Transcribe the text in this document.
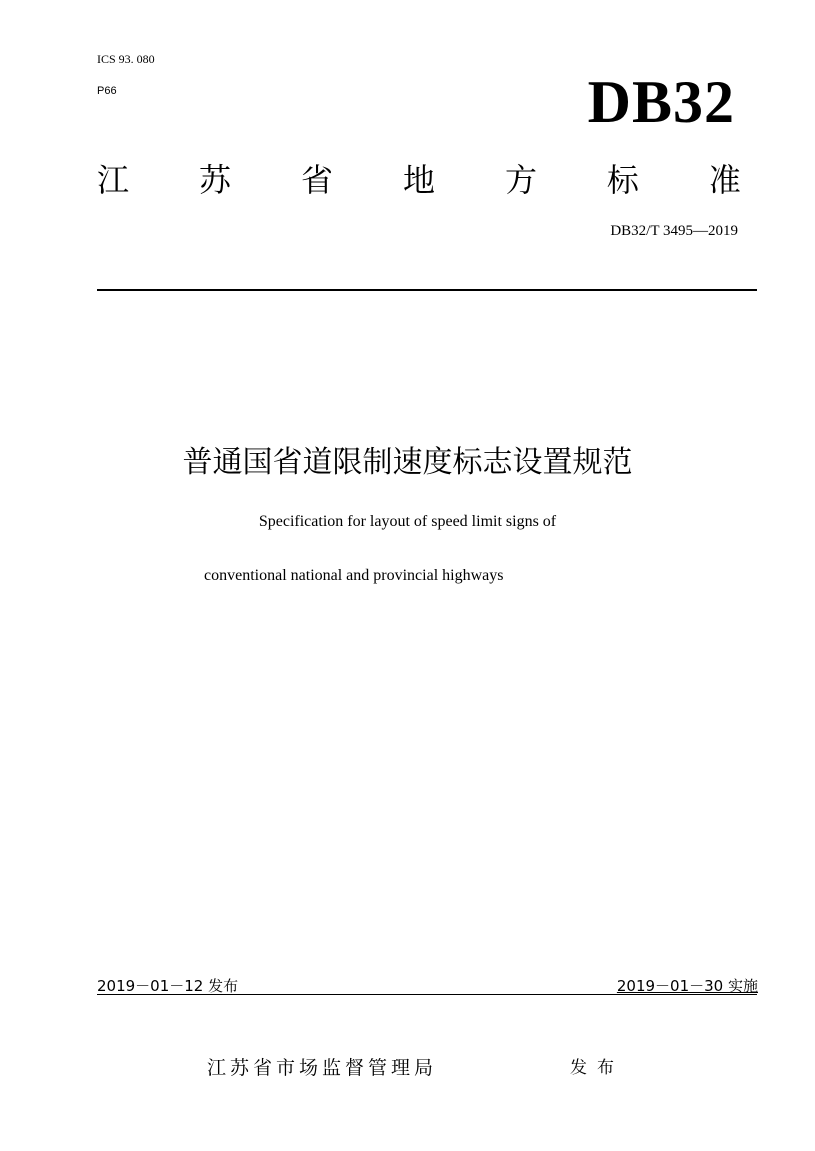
ICS 93. 080
P66	DB32
江 苏 省 地 方 标 准
DB32/T 3495—2019
普通国省道限制速度标志设置规范
Specification for layout of speed limit signs of
conventional national and provincial highways
2019－01－12 发布	2019－01－30 实施
江苏省市场监督管理局	发布
